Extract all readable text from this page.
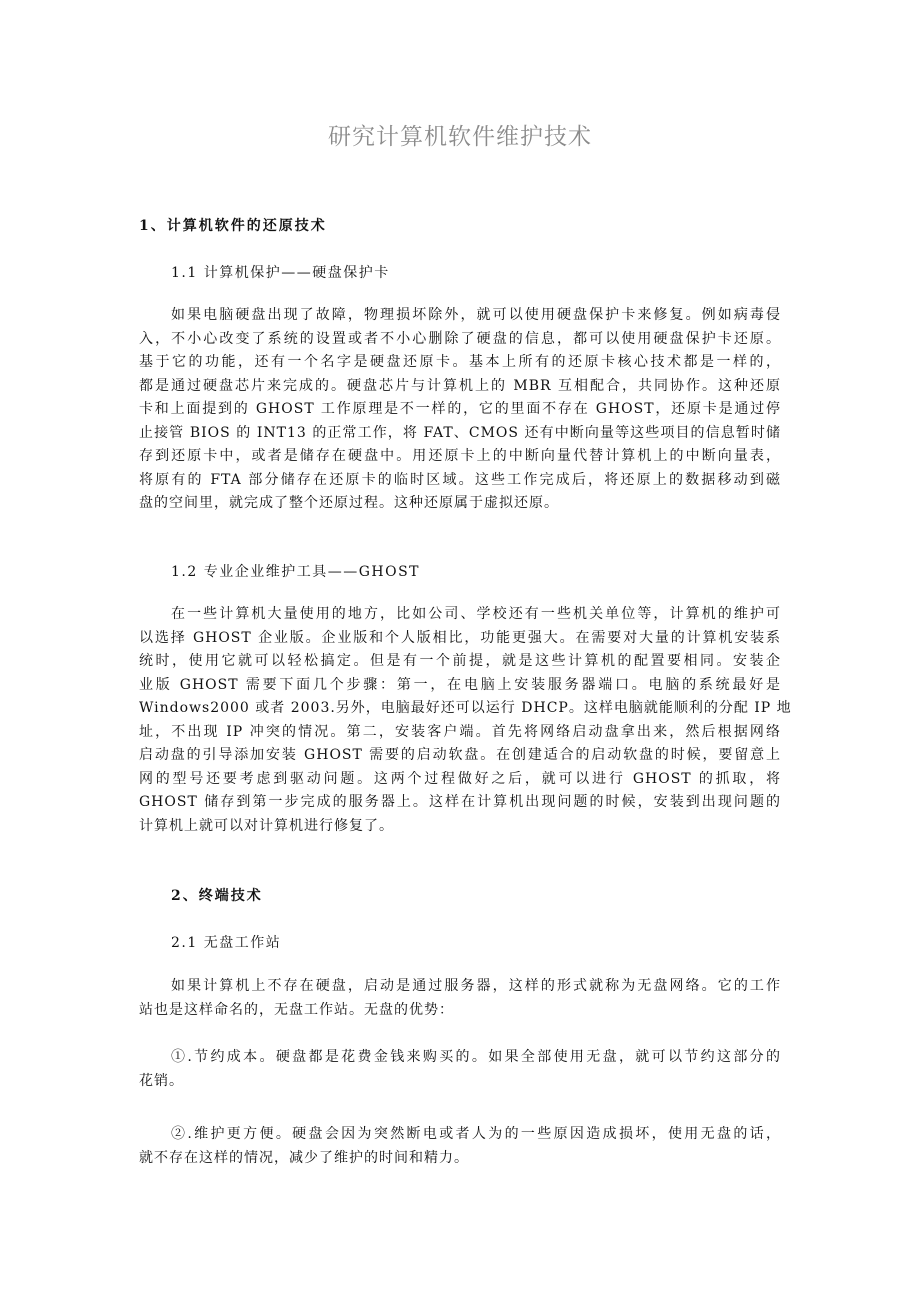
研究计算机软件维护技术
1、计算机软件的还原技术
1.1 计算机保护——硬盘保护卡
如果电脑硬盘出现了故障，物理损坏除外，就可以使用硬盘保护卡来修复。例如病毒侵
入，不小心改变了系统的设置或者不小心删除了硬盘的信息，都可以使用硬盘保护卡还原。
基于它的功能，还有一个名字是硬盘还原卡。基本上所有的还原卡核心技术都是一样的，
都是通过硬盘芯片来完成的。硬盘芯片与计算机上的 MBR 互相配合，共同协作。这种还原
卡和上面提到的 GHOST 工作原理是不一样的，它的里面不存在 GHOST，还原卡是通过停
止接管 BIOS 的 INT13 的正常工作，将 FAT、CMOS 还有中断向量等这些项目的信息暂时储
存到还原卡中，或者是储存在硬盘中。用还原卡上的中断向量代替计算机上的中断向量表，
将原有的 FTA 部分储存在还原卡的临时区域。这些工作完成后，将还原上的数据移动到磁
盘的空间里，就完成了整个还原过程。这种还原属于虚拟还原。
1.2 专业企业维护工具——GHOST
在一些计算机大量使用的地方，比如公司、学校还有一些机关单位等，计算机的维护可
以选择 GHOST 企业版。企业版和个人版相比，功能更强大。在需要对大量的计算机安装系
统时，使用它就可以轻松搞定。但是有一个前提，就是这些计算机的配置要相同。安装企
业版 GHOST 需要下面几个步骤：第一，在电脑上安装服务器端口。电脑的系统最好是
Windows2000 或者 2003.另外，电脑最好还可以运行 DHCP。这样电脑就能顺利的分配 IP 地
址，不出现 IP 冲突的情况。第二，安装客户端。首先将网络启动盘拿出来，然后根据网络
启动盘的引导添加安装 GHOST 需要的启动软盘。在创建适合的启动软盘的时候，要留意上
网的型号还要考虑到驱动问题。这两个过程做好之后，就可以进行 GHOST 的抓取，将
GHOST 储存到第一步完成的服务器上。这样在计算机出现问题的时候，安装到出现问题的
计算机上就可以对计算机进行修复了。
2、终端技术
2.1 无盘工作站
如果计算机上不存在硬盘，启动是通过服务器，这样的形式就称为无盘网络。它的工作
站也是这样命名的，无盘工作站。无盘的优势：
①.节约成本。硬盘都是花费金钱来购买的。如果全部使用无盘，就可以节约这部分的
花销。
②.维护更方便。硬盘会因为突然断电或者人为的一些原因造成损坏，使用无盘的话，
就不存在这样的情况，减少了维护的时间和精力。
